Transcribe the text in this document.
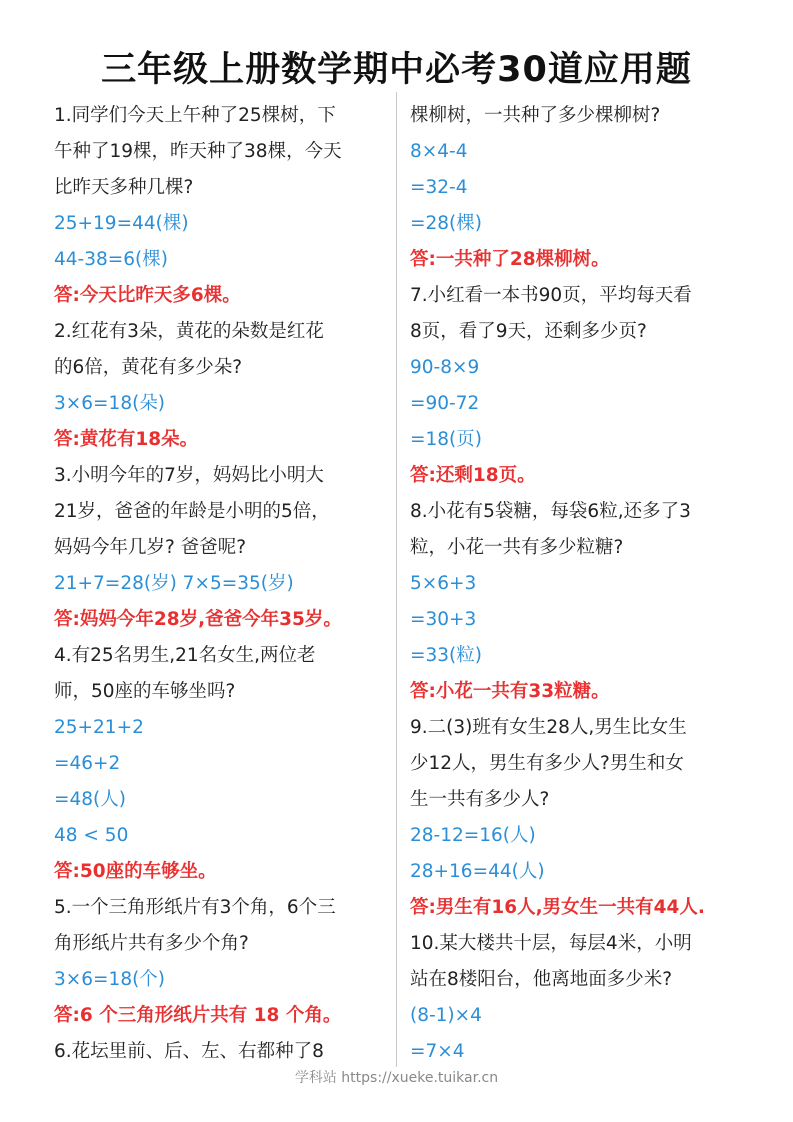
三年级上册数学期中必考30道应用题
1.同学们今天上午种了25棵树，下
午种了19棵，昨天种了38棵，今天
比昨天多种几棵?
25+19=44(棵)
44-38=6(棵)
答:今天比昨天多6棵。
2.红花有3朵，黄花的朵数是红花
的6倍，黄花有多少朵?
3×6=18(朵)
答:黄花有18朵。
3.小明今年的7岁，妈妈比小明大
21岁，爸爸的年龄是小明的5倍，
妈妈今年几岁? 爸爸呢?
21+7=28(岁) 7×5=35(岁)
答:妈妈今年28岁,爸爸今年35岁。
4.有25名男生,21名女生,两位老
师，50座的车够坐吗?
25+21+2
=46+2
=48(人)
48 < 50
答:50座的车够坐。
5.一个三角形纸片有3个角，6个三
角形纸片共有多少个角?
3×6=18(个)
答:6 个三角形纸片共有 18 个角。
6.花坛里前、后、左、右都种了8
棵柳树，一共种了多少棵柳树?
8×4-4
=32-4
=28(棵)
答:一共种了28棵柳树。
7.小红看一本书90页，平均每天看
8页，看了9天，还剩多少页?
90-8×9
=90-72
=18(页)
答:还剩18页。
8.小花有5袋糖，每袋6粒,还多了3
粒，小花一共有多少粒糖?
5×6+3
=30+3
=33(粒)
答:小花一共有33粒糖。
9.二(3)班有女生28人,男生比女生
少12人，男生有多少人?男生和女
生一共有多少人?
28-12=16(人)
28+16=44(人)
答:男生有16人,男女生一共有44人.
10.某大楼共十层，每层4米，小明
站在8楼阳台，他离地面多少米?
(8-1)×4
=7×4
学科站 https://xueke.tuikar.cn
